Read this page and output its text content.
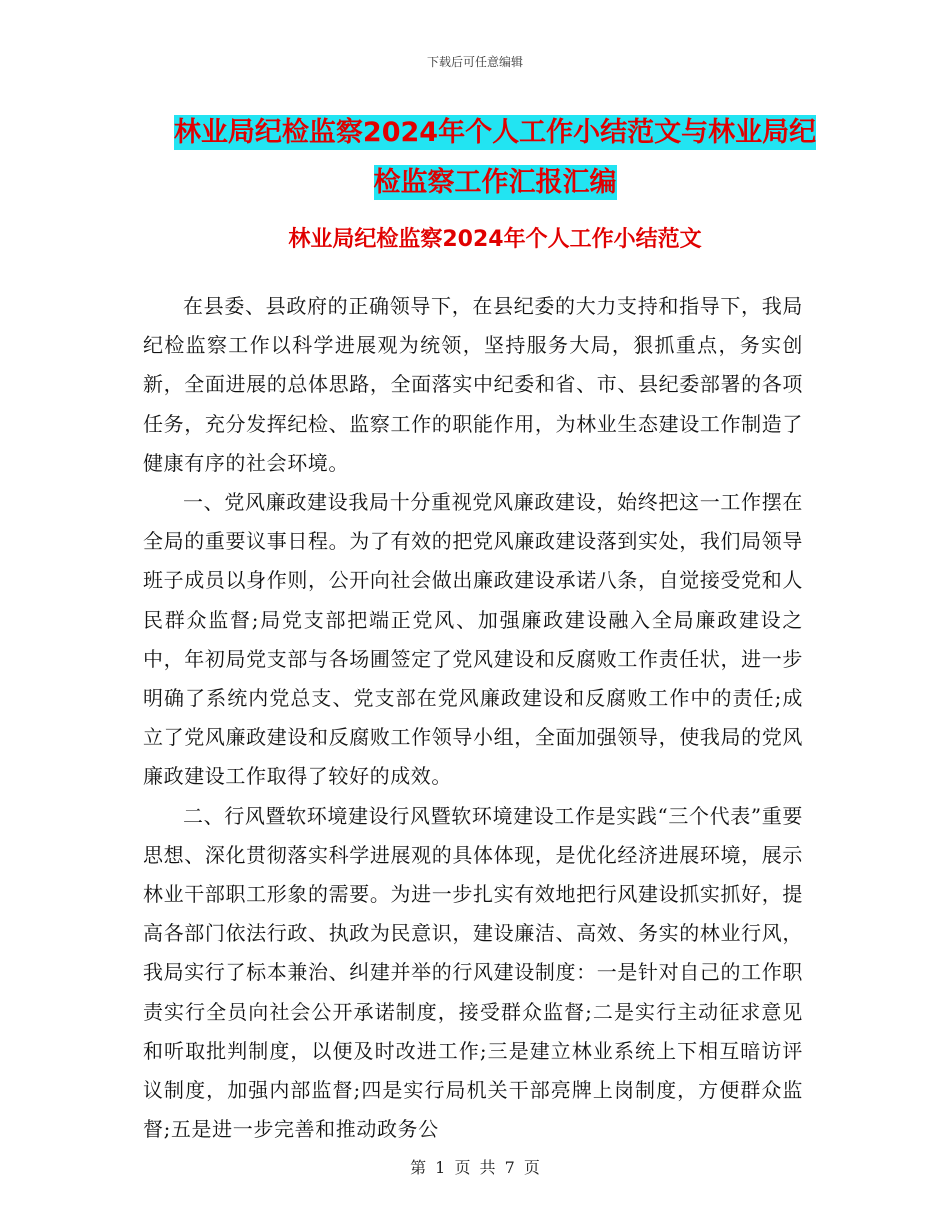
下载后可任意编辑
林业局纪检监察2024年个人工作小结范文与林业局纪
检监察工作汇报汇编
林业局纪检监察2024年个人工作小结范文

在县委、县政府的正确领导下，在县纪委的大力支持和指导下，我局纪检监察工作以科学进展观为统领，坚持服务大局，狠抓重点，务实创新，全面进展的总体思路，全面落实中纪委和省、市、县纪委部署的各项任务，充分发挥纪检、监察工作的职能作用，为林业生态建设工作制造了健康有序的社会环境。

一、党风廉政建设我局十分重视党风廉政建设，始终把这一工作摆在全局的重要议事日程。为了有效的把党风廉政建设落到实处，我们局领导班子成员以身作则，公开向社会做出廉政建设承诺八条，自觉接受党和人民群众监督;局党支部把端正党风、加强廉政建设融入全局廉政建设之中，年初局党支部与各场圃签定了党风建设和反腐败工作责任状，进一步明确了系统内党总支、党支部在党风廉政建设和反腐败工作中的责任;成立了党风廉政建设和反腐败工作领导小组，全面加强领导，使我局的党风廉政建设工作取得了较好的成效。

二、行风暨软环境建设行风暨软环境建设工作是实践“三个代表”重要思想、深化贯彻落实科学进展观的具体体现，是优化经济进展环境，展示林业干部职工形象的需要。为进一步扎实有效地把行风建设抓实抓好，提高各部门依法行政、执政为民意识，建设廉洁、高效、务实的林业行风，我局实行了标本兼治、纠建并举的行风建设制度：一是针对自己的工作职责实行全员向社会公开承诺制度，接受群众监督;二是实行主动征求意见和听取批判制度，以便及时改进工作;三是建立林业系统上下相互暗访评议制度，加强内部监督;四是实行局机关干部亮牌上岗制度，方便群众监督;五是进一步完善和推动政务公

第 1 页 共 7 页
